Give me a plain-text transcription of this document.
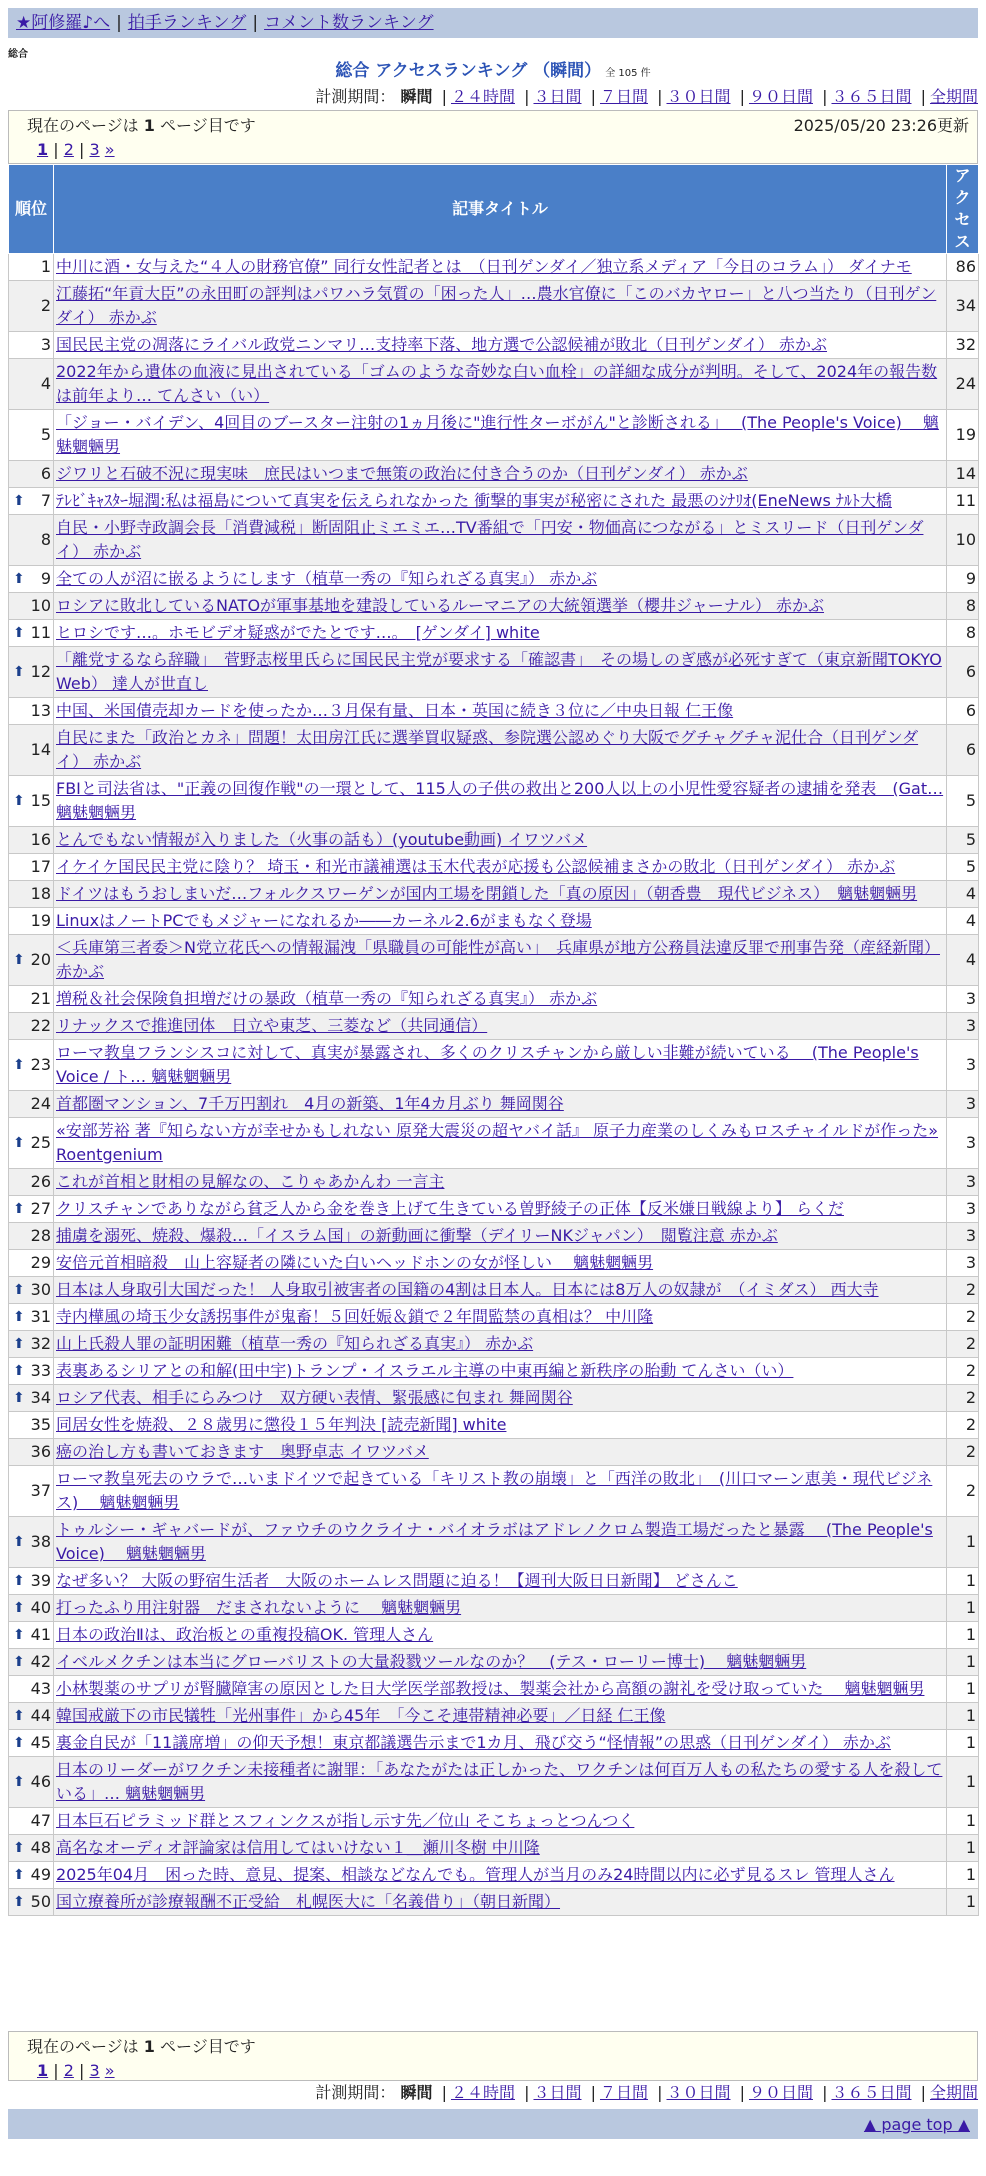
★阿修羅♪へ | 拍手ランキング | コメント数ランキング
総合
総合 アクセスランキング （瞬間） 全 105 件
計測期間： 瞬間 | ２４時間 | ３日間 | ７日間 | ３０日間 | ９０日間 | ３６５日間 | 全期間
現在のページは 1 ページ目です	2025/05/20 23:26更新
1 | 2 | 3 »
順位	記事タイトル	アクセス
1	中川に酒・女与えた“４人の財務官僚” 同行女性記者とは　（日刊ゲンダイ／独立系メディア「今日のコラム」） ダイナモ	86
2	江藤拓“年貢大臣”の永田町の評判はパワハラ気質の「困った人」…農水官僚に「このバカヤロー」と八つ当たり（日刊ゲンダイ） 赤かぶ	34
3	国民民主党の凋落にライバル政党ニンマリ…支持率下落、地方選で公認候補が敗北（日刊ゲンダイ） 赤かぶ	32
4	2022年から遺体の血液に見出されている「ゴムのような奇妙な白い血栓」の詳細な成分が判明。そして、2024年の報告数は前年より… てんさい（い）	24
5	「ジョー・バイデン、4回目のブースター注射の1ヵ月後に"進行性ターボがん"と診断される」　 (The People's Voice)　 魑魅魍魎男	19
6	ジワリと石破不況に現実味　庶民はいつまで無策の政治に付き合うのか（日刊ゲンダイ） 赤かぶ	14

⬆ 7	ﾃﾚﾋﾞｷｬｽﾀｰ堀潤:私は福島について真実を伝えられなかった 衝撃的事実が秘密にされた 最悪のｼﾅﾘｵ(EneNews ﾅﾙﾄ大橋	11
8	自民・小野寺政調会長「消費減税」断固阻止ミエミエ…TV番組で「円安・物価高につながる」とミスリード（日刊ゲンダイ） 赤かぶ	10

⬆ 9	全ての人が沼に嵌るようにします（植草一秀の『知られざる真実』） 赤かぶ	9
10	ロシアに敗北しているNATOが軍事基地を建設しているルーマニアの大統領選挙（櫻井ジャーナル） 赤かぶ	8

⬆ 11	ヒロシです…。ホモビデオ疑惑がでたとです…。　[ゲンダイ] white	8

⬆ 12	「離党するなら辞職」　菅野志桜里氏らに国民民主党が要求する「確認書」　その場しのぎ感が必死すぎて（東京新聞TOKYO Web） 達人が世直し	6
13	中国、米国債売却カードを使ったか…３月保有量、日本・英国に続き３位に／中央日報 仁王像	6
14	自民にまた「政治とカネ」問題！太田房江氏に選挙買収疑惑、参院選公認めぐり大阪でグチャグチャ泥仕合（日刊ゲンダイ） 赤かぶ	6

⬆ 15	FBIと司法省は、"正義の回復作戦"の一環として、115人の子供の救出と200人以上の小児性愛容疑者の逮捕を発表　(Gat… 魑魅魍魎男	5
16	とんでもない情報が入りました（火事の話も）(youtube動画) イワツバメ	5
17	イケイケ国民民主党に陰り？ 埼玉・和光市議補選は玉木代表が応援も公認候補まさかの敗北（日刊ゲンダイ） 赤かぶ	5
18	ドイツはもうおしまいだ…フォルクスワーゲンが国内工場を閉鎖した「真の原因」（朝香豊　現代ビジネス）　魑魅魍魎男	4
19	LinuxはノートPCでもメジャーになれるか――カーネル2.6がまもなく登場	4

⬆ 20	＜兵庫第三者委＞N党立花氏への情報漏洩「県職員の可能性が高い」　兵庫県が地方公務員法違反罪で刑事告発（産経新聞） 赤かぶ	4
21	増税＆社会保険負担増だけの暴政（植草一秀の『知られざる真実』） 赤かぶ	3
22	リナックスで推進団体　日立や東芝、三菱など（共同通信）	3

⬆ 23	ローマ教皇フランシスコに対して、真実が暴露され、多くのクリスチャンから厳しい非難が続いている　 (The People's Voice / ト… 魑魅魍魎男	3
24	首都圏マンション、7千万円割れ　4月の新築、1年4カ月ぶり 舞岡関谷	3

⬆ 25	«安部芳裕 著『知らない方が幸せかもしれない 原発大震災の超ヤバイ話』 原子力産業のしくみもロスチャイルドが作った» Roentgenium	3
26	これが首相と財相の見解なの、こりゃあかんわ 一言主	3

⬆ 27	クリスチャンでありながら貧乏人から金を巻き上げて生きている曽野綾子の正体【反米嫌日戦線より】 らくだ	3
28	捕虜を溺死、焼殺、爆殺…「イスラム国」の新動画に衝撃（デイリーNKジャパン）　閲覧注意 赤かぶ	3
29	安倍元首相暗殺　山上容疑者の隣にいた白いヘッドホンの女が怪しい　 魑魅魍魎男	3

⬆ 30	日本は人身取引大国だった！ 人身取引被害者の国籍の4割は日本人。日本には8万人の奴隷が　（イミダス） 西大寺	2

⬆ 31	寺内樺風の埼玉少女誘拐事件が鬼畜！５回妊娠＆鎖で２年間監禁の真相は？ 中川隆	2

⬆ 32	山上氏殺人罪の証明困難（植草一秀の『知られざる真実』） 赤かぶ	2

⬆ 33	表裏あるシリアとの和解(田中宇)トランプ・イスラエル主導の中東再編と新秩序の胎動 てんさい（い）	2

⬆ 34	ロシア代表、相手にらみつけ　双方硬い表情、緊張感に包まれ 舞岡関谷	2
35	同居女性を焼殺、２８歳男に懲役１５年判決 [読売新聞] white	2
36	癌の治し方も書いておきます　奥野卓志 イワツバメ	2
37	ローマ教皇死去のウラで…いまドイツで起きている「キリスト教の崩壊」と「西洋の敗北」　(川口マーン恵美・現代ビジネス)　 魑魅魍魎男	2

⬆ 38	トゥルシー・ギャバードが、ファウチのウクライナ・バイオラボはアドレノクロム製造工場だったと暴露　 (The People's Voice)　 魑魅魍魎男	1

⬆ 39	なぜ多い？ 大阪の野宿生活者　大阪のホームレス問題に迫る！【週刊大阪日日新聞】 どさんこ	1

⬆ 40	打ったふり用注射器　だまされないように　 魑魅魍魎男	1

⬆ 41	日本の政治Ⅱは、政治板との重複投稿OK. 管理人さん	1

⬆ 42	イベルメクチンは本当にグローバリストの大量殺戮ツールなのか？　(テス・ローリー博士)　 魑魅魍魎男	1
43	小林製薬のサプリが腎臓障害の原因とした日大学医学部教授は、製薬会社から高額の謝礼を受け取っていた　 魑魅魍魎男	1

⬆ 44	韓国戒厳下の市民犠牲「光州事件」から45年　「今こそ連帯精神必要」／日経 仁王像	1

⬆ 45	裏金自民が「11議席増」の仰天予想！東京都議選告示まで1カ月、飛び交う“怪情報”の思惑（日刊ゲンダイ） 赤かぶ	1

⬆ 46	日本のリーダーがワクチン未接種者に謝罪：「あなたがたは正しかった、ワクチンは何百万人もの私たちの愛する人を殺している」… 魑魅魍魎男	1
47	日本巨石ピラミッド群とスフィンクスが指し示す先／位山 そこちょっとつんつく	1

⬆ 48	高名なオーディオ評論家は信用してはいけない１＿瀬川冬樹 中川隆	1

⬆ 49	2025年04月　困った時、意見、提案、相談などなんでも。管理人が当月のみ24時間以内に必ず見るスレ 管理人さん	1

⬆ 50	国立療養所が診療報酬不正受給　札幌医大に「名義借り」（朝日新聞）	1
現在のページは 1 ページ目です
1 | 2 | 3 »
計測期間： 瞬間 | ２４時間 | ３日間 | ７日間 | ３０日間 | ９０日間 | ３６５日間 | 全期間
▲ page top ▲
